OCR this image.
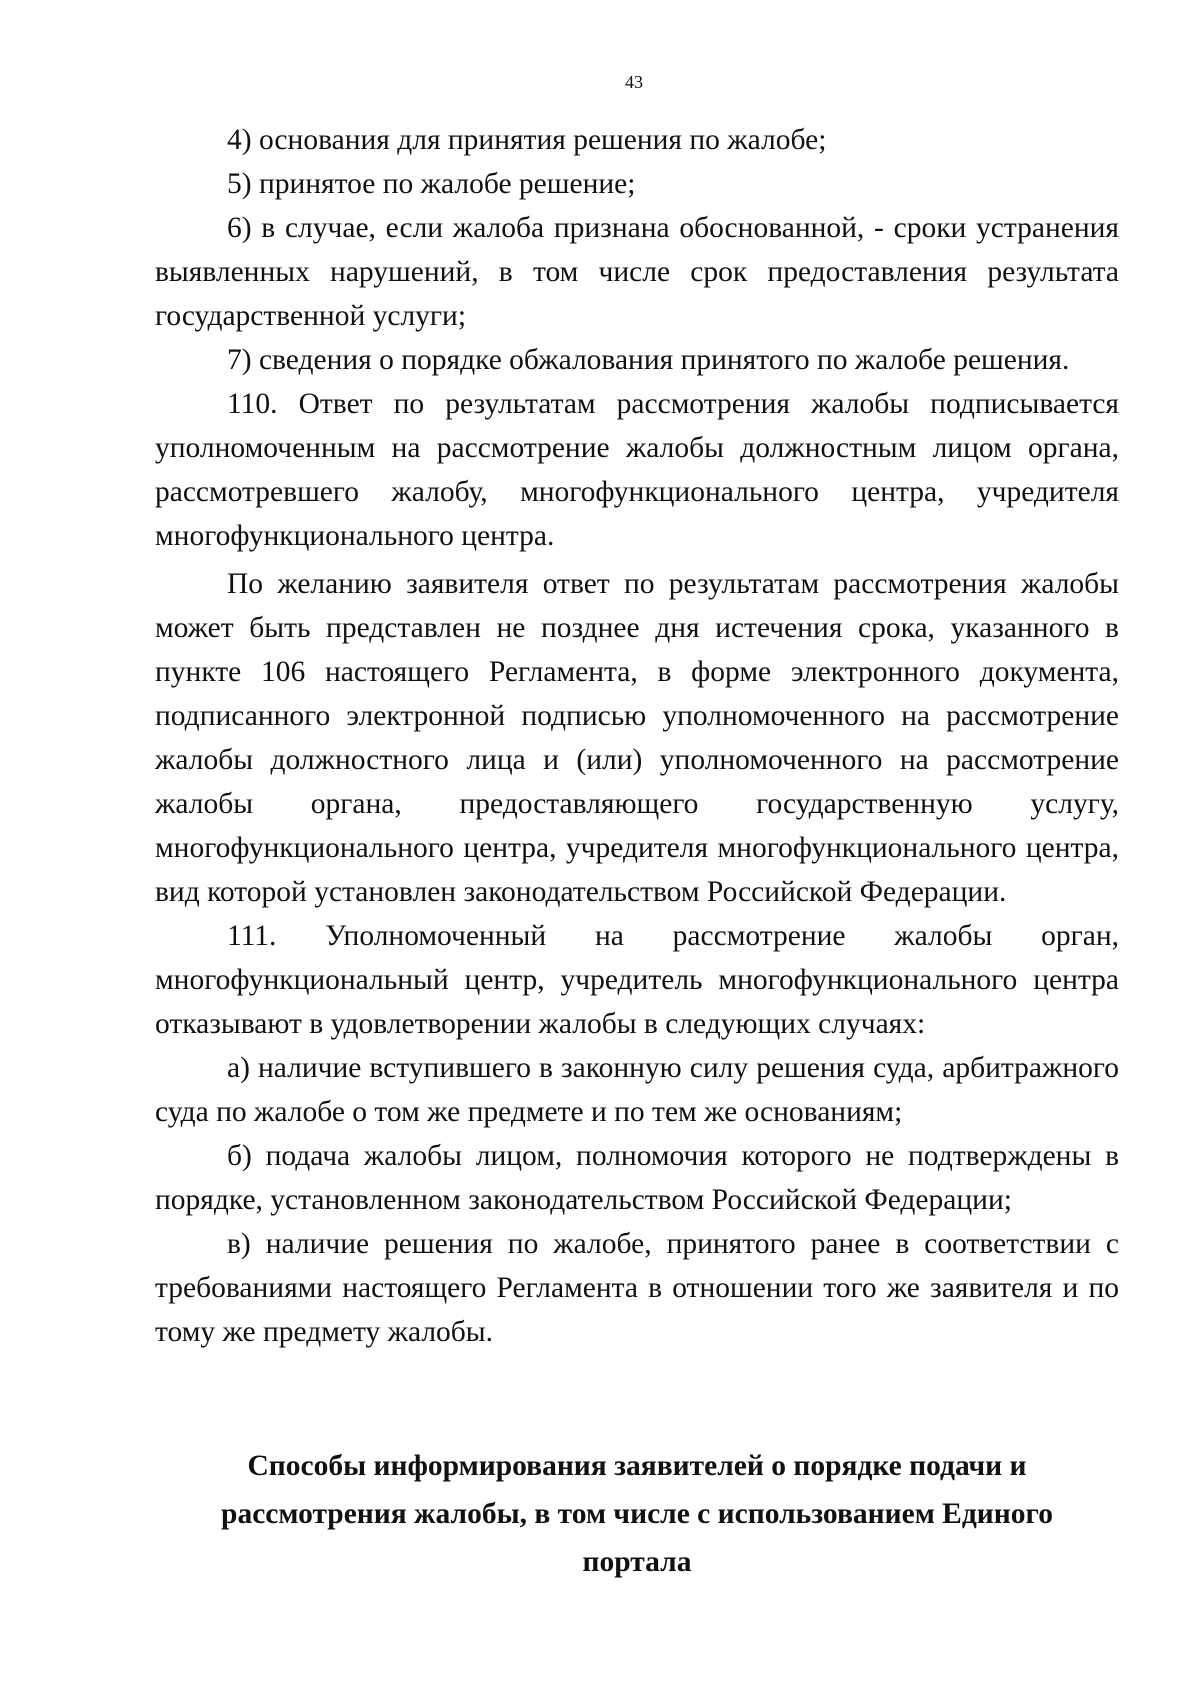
43

4) основания для принятия решения по жалобе;

5) принятое по жалобе решение;

6) в случае, если жалоба признана обоснованной, - сроки устранения выявленных нарушений, в том числе срок предоставления результата государственной услуги;

7) сведения о порядке обжалования принятого по жалобе решения.

110. Ответ по результатам рассмотрения жалобы подписывается уполномоченным на рассмотрение жалобы должностным лицом органа, рассмотревшего жалобу, многофункционального центра, учредителя многофункционального центра.

По желанию заявителя ответ по результатам рассмотрения жалобы может быть представлен не позднее дня истечения срока, указанного в пункте 106 настоящего Регламента, в форме электронного документа, подписанного электронной подписью уполномоченного на рассмотрение жалобы должностного лица и (или) уполномоченного на рассмотрение жалобы органа, предоставляющего государственную услугу, многофункционального центра, учредителя многофункционального центра, вид которой установлен законодательством Российской Федерации.

111. Уполномоченный на рассмотрение жалобы орган, многофункциональный центр, учредитель многофункционального центра отказывают в удовлетворении жалобы в следующих случаях:

а) наличие вступившего в законную силу решения суда, арбитражного суда по жалобе о том же предмете и по тем же основаниям;

б) подача жалобы лицом, полномочия которого не подтверждены в порядке, установленном законодательством Российской Федерации;

в) наличие решения по жалобе, принятого ранее в соответствии с требованиями настоящего Регламента в отношении того же заявителя и по тому же предмету жалобы.

Способы информирования заявителей о порядке подачи и
рассмотрения жалобы, в том числе с использованием Единого
портала
